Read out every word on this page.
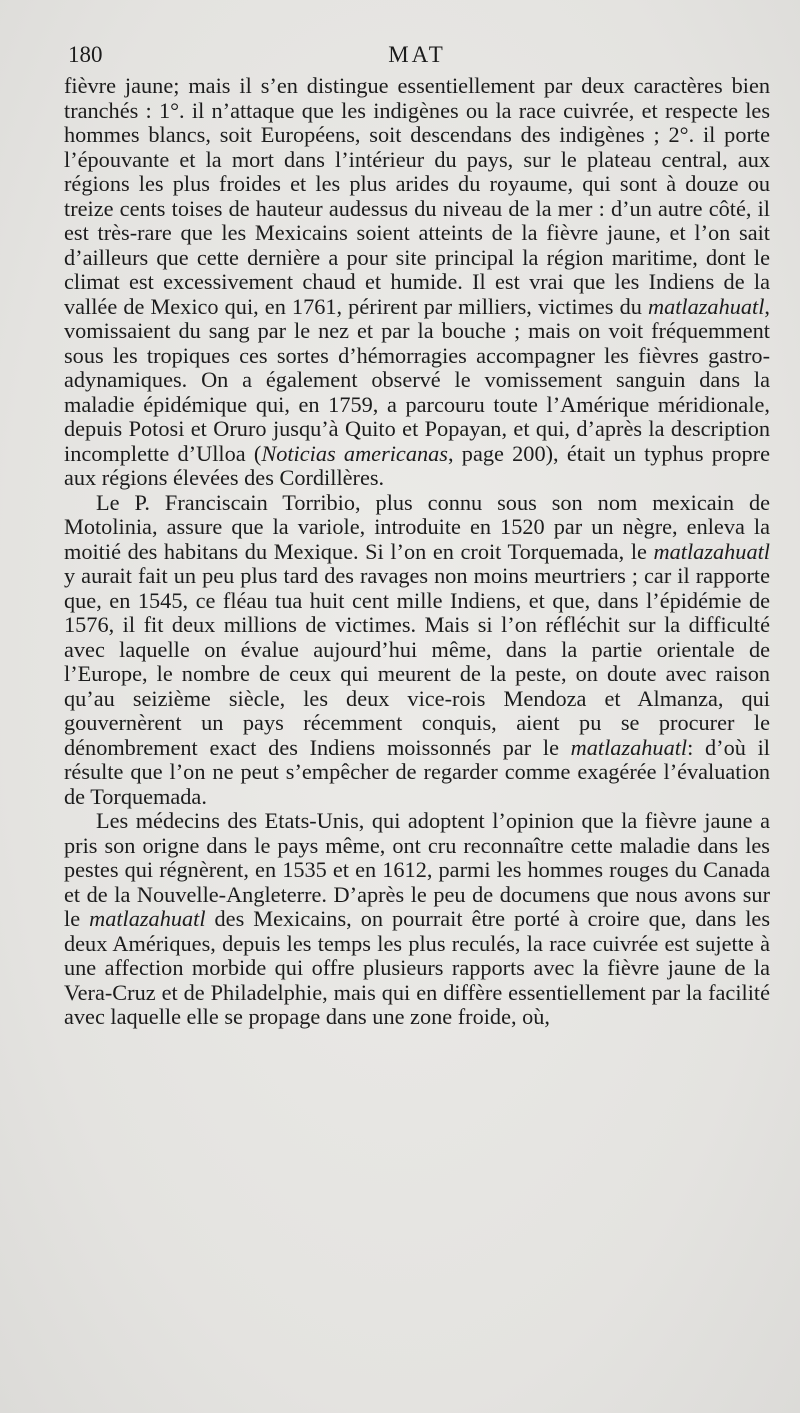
180	MAT

fièvre jaune; mais il s’en distingue essentiellement par deux caractères bien tranchés : 1°. il n’attaque que les indigènes ou la race cuivrée, et respecte les hommes blancs, soit Européens, soit descendans des indigènes ; 2°. il porte l’épouvante et la mort dans l’intérieur du pays, sur le plateau central, aux régions les plus froides et les plus arides du royaume, qui sont à douze ou treize cents toises de hauteur audessus du niveau de la mer : d’un autre côté, il est très-rare que les Mexicains soient atteints de la fièvre jaune, et l’on sait d’ailleurs que cette dernière a pour site principal la région maritime, dont le climat est excessivement chaud et humide. Il est vrai que les Indiens de la vallée de Mexico qui, en 1761, périrent par milliers, victimes du matlazahuatl, vomissaient du sang par le nez et par la bouche ; mais on voit fréquemment sous les tropiques ces sortes d’hémorragies accompagner les fièvres gastro-adynamiques. On a également observé le vomissement sanguin dans la maladie épidémique qui, en 1759, a parcouru toute l’Amérique méridionale, depuis Potosi et Oruro jusqu’à Quito et Popayan, et qui, d’après la description incomplette d’Ulloa (Noticias americanas, page 200), était un typhus propre aux régions élevées des Cordillères.

Le P. Franciscain Torribio, plus connu sous son nom mexicain de Motolinia, assure que la variole, introduite en 1520 par un nègre, enleva la moitié des habitans du Mexique. Si l’on en croit Torquemada, le matlazahuatl y aurait fait un peu plus tard des ravages non moins meurtriers ; car il rapporte que, en 1545, ce fléau tua huit cent mille Indiens, et que, dans l’épidémie de 1576, il fit deux millions de victimes. Mais si l’on réfléchit sur la difficulté avec laquelle on évalue aujourd’hui même, dans la partie orientale de l’Europe, le nombre de ceux qui meurent de la peste, on doute avec raison qu’au seizième siècle, les deux vice-rois Mendoza et Almanza, qui gouvernèrent un pays récemment conquis, aient pu se procurer le dénombrement exact des Indiens moissonnés par le matlazahuatl: d’où il résulte que l’on ne peut s’empêcher de regarder comme exagérée l’évaluation de Torquemada.

Les médecins des Etats-Unis, qui adoptent l’opinion que la fièvre jaune a pris son origne dans le pays même, ont cru reconnaître cette maladie dans les pestes qui régnèrent, en 1535 et en 1612, parmi les hommes rouges du Canada et de la Nouvelle-Angleterre. D’après le peu de documens que nous avons sur le matlazahuatl des Mexicains, on pourrait être porté à croire que, dans les deux Amériques, depuis les temps les plus reculés, la race cuivrée est sujette à une affection morbide qui offre plusieurs rapports avec la fièvre jaune de la Vera-Cruz et de Philadelphie, mais qui en diffère essentiellement par la facilité avec laquelle elle se propage dans une zone froide, où,
